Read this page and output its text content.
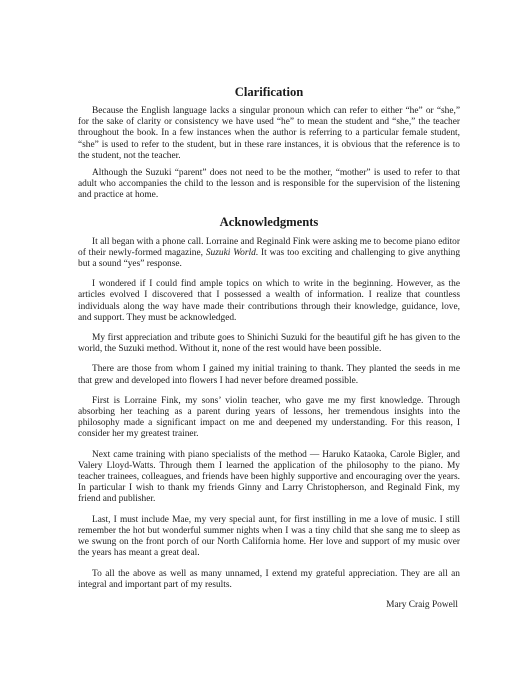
Clarification

Because the English language lacks a singular pronoun which can refer to either “he” or “she,” for the sake of clarity or consistency we have used “he” to mean the student and “she,” the teacher throughout the book. In a few instances when the author is referring to a particular female student, “she” is used to refer to the student, but in these rare instances, it is obvious that the reference is to the student, not the teacher.

Although the Suzuki “parent” does not need to be the mother, “mother” is used to refer to that adult who accompanies the child to the lesson and is responsible for the supervision of the listening and practice at home.

Acknowledgments

It all began with a phone call. Lorraine and Reginald Fink were asking me to become piano editor of their newly-formed magazine, Suzuki World. It was too exciting and challenging to give anything but a sound “yes” response.

I wondered if I could find ample topics on which to write in the beginning. However, as the articles evolved I discovered that I possessed a wealth of information. I realize that countless individuals along the way have made their contributions through their knowledge, guidance, love, and support. They must be acknowledged.

My first appreciation and tribute goes to Shinichi Suzuki for the beautiful gift he has given to the world, the Suzuki method. Without it, none of the rest would have been possible.

There are those from whom I gained my initial training to thank. They planted the seeds in me that grew and developed into flowers I had never before dreamed possible.

First is Lorraine Fink, my sons’ violin teacher, who gave me my first knowledge. Through absorbing her teaching as a parent during years of lessons, her tremendous insights into the philosophy made a significant impact on me and deepened my understanding. For this reason, I consider her my greatest trainer.

Next came training with piano specialists of the method — Haruko Kataoka, Carole Bigler, and Valery Lloyd-Watts. Through them I learned the application of the philosophy to the piano. My teacher trainees, colleagues, and friends have been highly supportive and encouraging over the years. In particular I wish to thank my friends Ginny and Larry Christopherson, and Reginald Fink, my friend and publisher.

Last, I must include Mae, my very special aunt, for first instilling in me a love of music. I still remember the hot but wonderful summer nights when I was a tiny child that she sang me to sleep as we swung on the front porch of our North California home. Her love and support of my music over the years has meant a great deal.

To all the above as well as many unnamed, I extend my grateful appreciation. They are all an integral and important part of my results.

Mary Craig Powell
